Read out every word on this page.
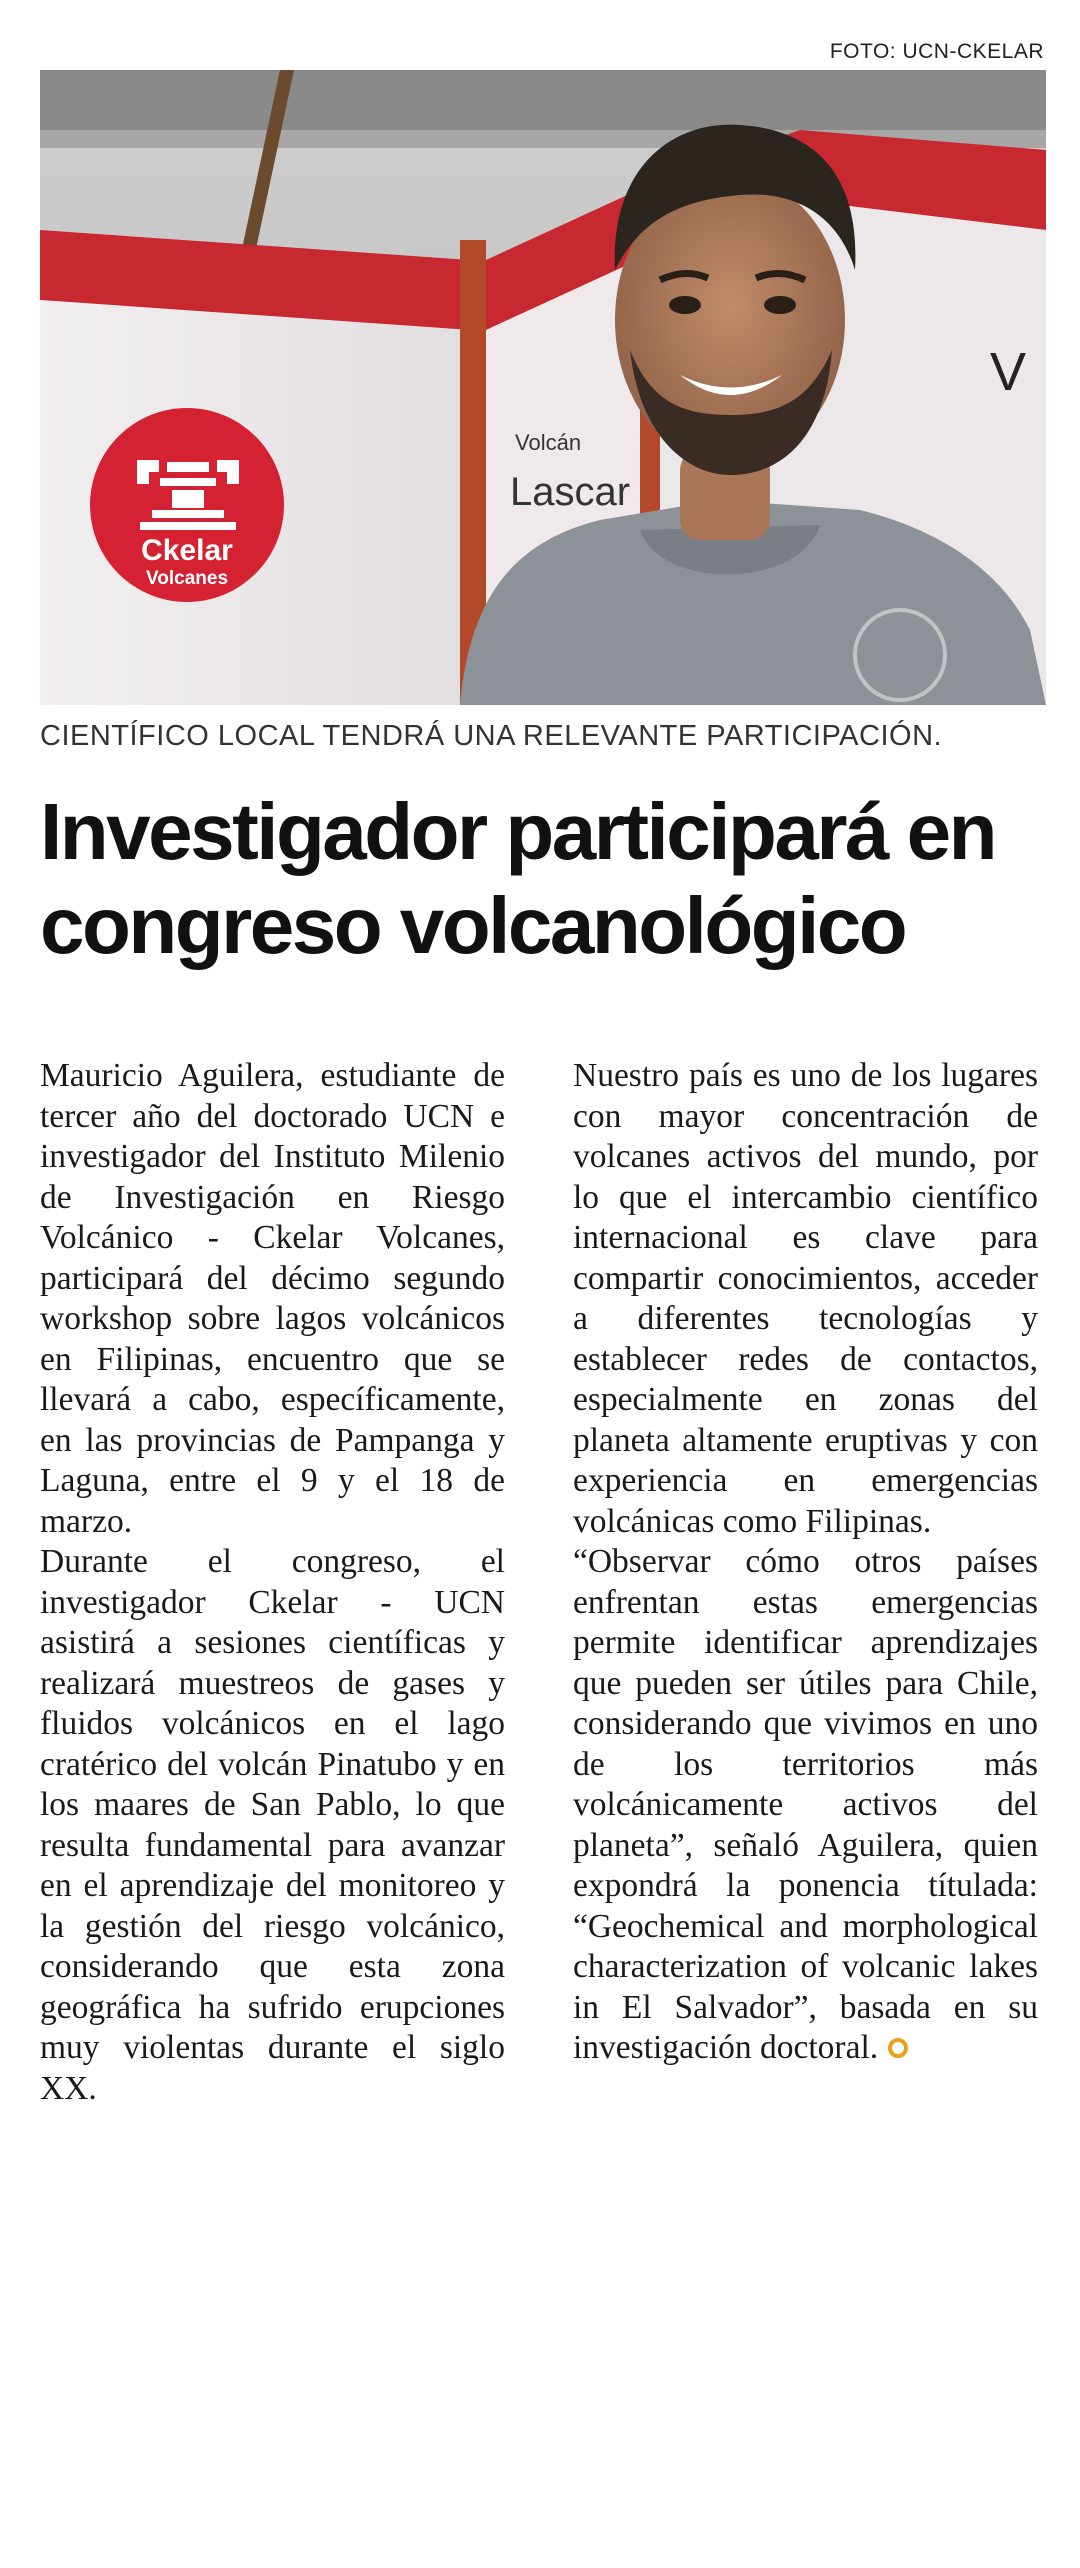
FOTO: UCN-CKELAR
Volcán
Lascar
V
Ckelar
Volcanes
CIENTÍFICO LOCAL TENDRÁ UNA RELEVANTE PARTICIPACIÓN.
Investigador participará en congreso volcanológico

Mauricio Aguilera, estudiante de tercer año del doctorado UCN e investigador del Instituto Milenio de Investigación en Riesgo Volcánico - Ckelar Volcanes, participará del décimo segundo workshop sobre lagos volcánicos en Filipinas, encuentro que se llevará a cabo, específicamente, en las provincias de Pampanga y Laguna, entre el 9 y el 18 de marzo.

Durante el congreso, el investigador Ckelar - UCN asistirá a sesiones científicas y realizará muestreos de gases y fluidos volcánicos en el lago cratérico del volcán Pinatubo y en los maares de San Pablo, lo que resulta fundamental para avanzar en el aprendizaje del monitoreo y la gestión del riesgo volcánico, considerando que esta zona geográfica ha sufrido erupciones muy violentas durante el siglo XX.

Nuestro país es uno de los lugares con mayor concentración de volcanes activos del mundo, por lo que el intercambio científico internacional es clave para compartir conocimientos, acceder a diferentes tecnologías y establecer redes de contactos, especialmente en zonas del planeta altamente eruptivas y con experiencia en emergencias volcánicas como Filipinas.

“Observar cómo otros países enfrentan estas emergencias permite identificar aprendizajes que pueden ser útiles para Chile, considerando que vivimos en uno de los territorios más volcánicamente activos del planeta”, señaló Aguilera, quien expondrá la ponencia títulada: “Geochemical and morphological characterization of volcanic lakes in El Salvador”, basada en su investigación doctoral.
